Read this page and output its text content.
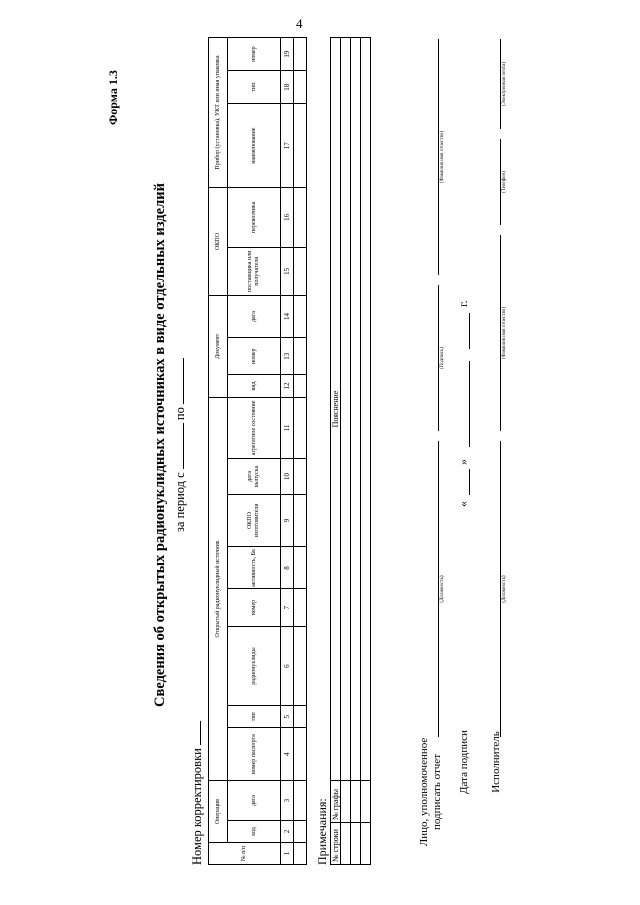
4
Форма 1.3
Сведения об открытых радионуклидных источниках в виде отдельных изделий за период с  по
Номер корректировки	№ п/п	Операция		Открытый радионуклидный источник								Документ			ОКПО		Прибор (установка), УКТ или иная упаковка		
	код	дата	номер паспорта	тип	радионуклиды	номер	активность, Бк	ОКПО изготовителя	дата выпуска	агрегатное состояние	вид	номер	дата	поставщика или получателя	перевозчика	наименование	тип	номер
1	2	3	4	5	6	7	8	9	10	11	12	13	14	15	16	17	18	19

Примечания: № строки	№ графы	Пояснение

Лицо, уполномоченное подписать отчет
(Должность)
(Подпись)
(Фамилия имя отчество)
Дата подписи
«
»
г.
Исполнитель
(Должность)
(Фамилия имя отчество)
(Телефон)
(Электронная почта)
